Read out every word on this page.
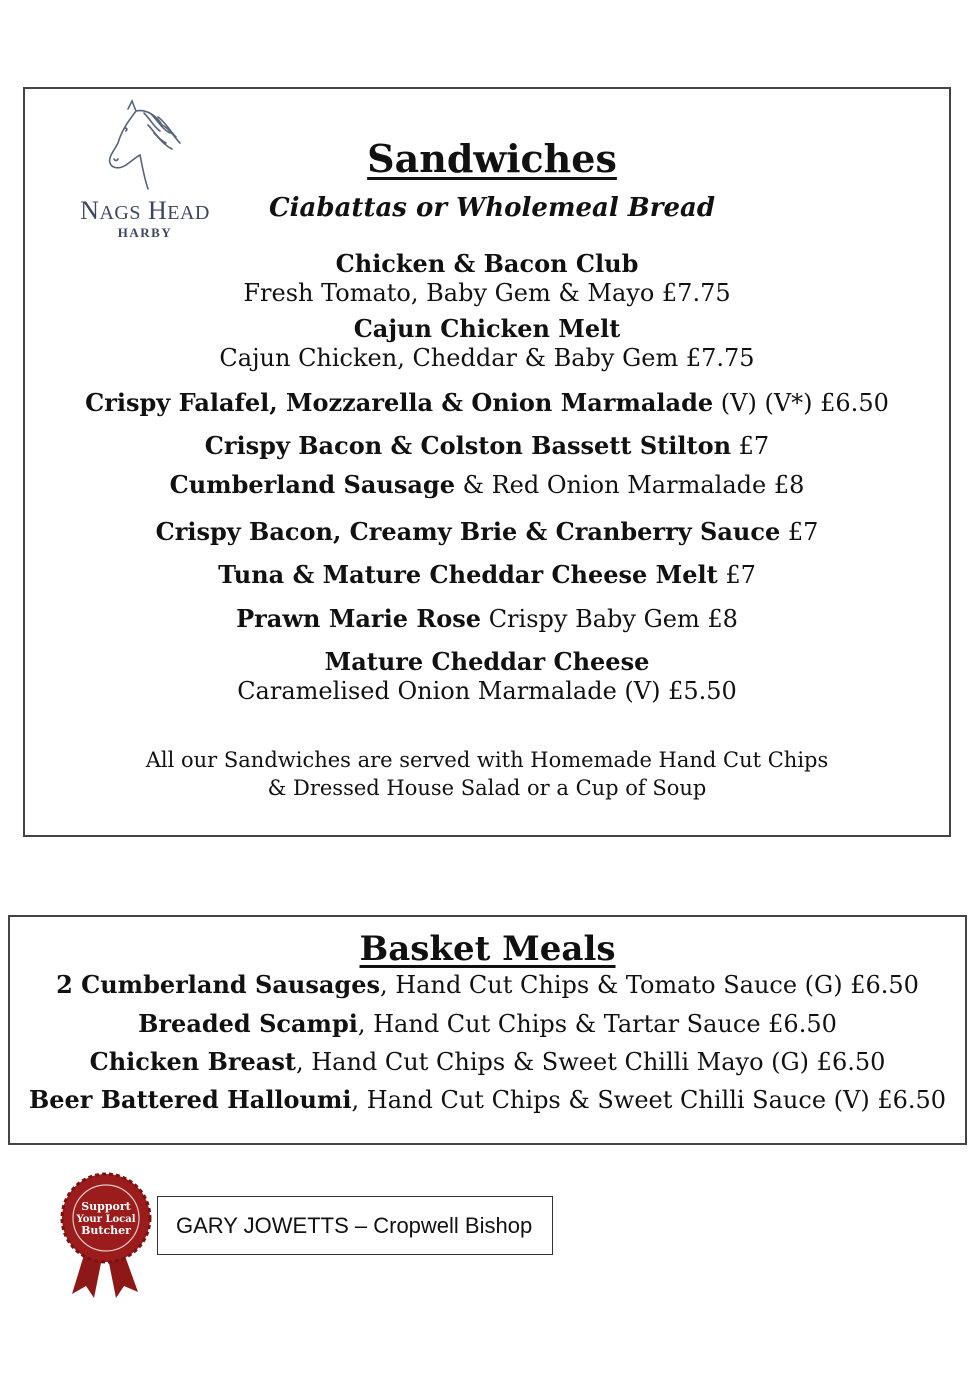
NAGS HEAD
HARBY
Sandwiches
Ciabattas or Wholemeal Bread
Chicken & Bacon Club
Fresh Tomato, Baby Gem & Mayo £7.75
Cajun Chicken Melt
Cajun Chicken, Cheddar & Baby Gem £7.75
Crispy Falafel, Mozzarella & Onion Marmalade (V) (V*) £6.50
Crispy Bacon & Colston Bassett Stilton £7
Cumberland Sausage & Red Onion Marmalade £8
Crispy Bacon, Creamy Brie & Cranberry Sauce £7
Tuna & Mature Cheddar Cheese Melt £7
Prawn Marie Rose Crispy Baby Gem £8
Mature Cheddar Cheese
Caramelised Onion Marmalade (V) £5.50
All our Sandwiches are served with Homemade Hand Cut Chips
& Dressed House Salad or a Cup of Soup
Basket Meals
2 Cumberland Sausages, Hand Cut Chips & Tomato Sauce (G) £6.50
Breaded Scampi, Hand Cut Chips & Tartar Sauce £6.50
Chicken Breast, Hand Cut Chips & Sweet Chilli Mayo (G) £6.50
Beer Battered Halloumi, Hand Cut Chips & Sweet Chilli Sauce (V) £6.50
Support
Your Local
Butcher GARY JOWETTS – Cropwell Bishop
